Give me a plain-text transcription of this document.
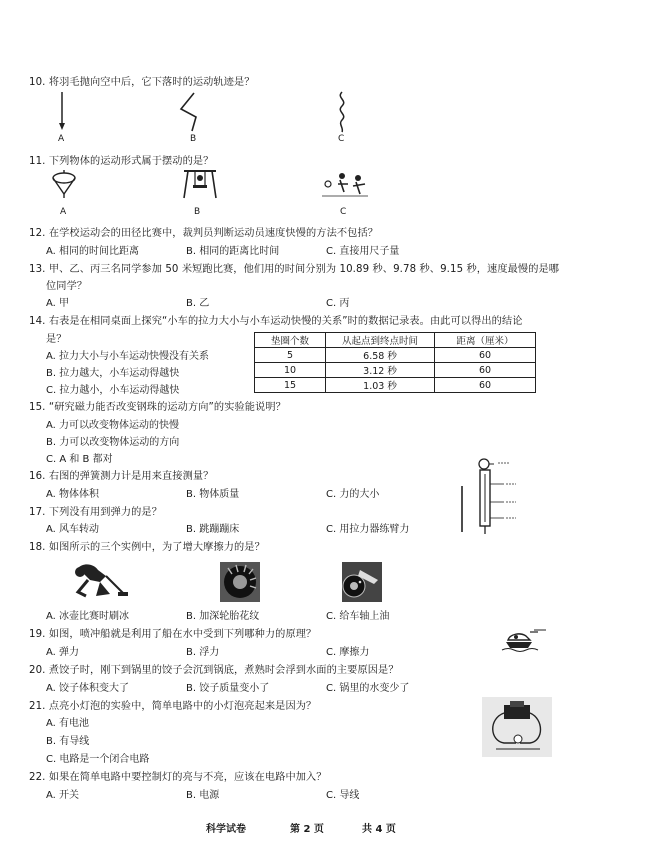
10. 将羽毛抛向空中后，它下落时的运动轨迹是？
A	B	C
11. 下列物体的运动形式属于摆动的是？
A	B	C
12. 在学校运动会的田径比赛中，裁判员判断运动员速度快慢的方法不包括？
A. 相同的时间比距离	B. 相同的距离比时间	C. 直接用尺子量
13. 甲、乙、丙三名同学参加 50 米短跑比赛，他们用的时间分别为 10.89 秒、9.78 秒、9.15 秒，速度最慢的是哪
位同学？
A. 甲	B. 乙	C. 丙
14. 右表是在相同桌面上探究“小车的拉力大小与小车运动快慢的关系”时的数据记录表。由此可以得出的结论
是？
A. 拉力大小与小车运动快慢没有关系
B. 拉力越大，小车运动得越快
C. 拉力越小，小车运动得越快
垫圈个数	从起点到终点时间	距离（厘米）
5	6.58 秒	60
10	3.12 秒	60
15	1.03 秒	60
15. “研究磁力能否改变钢珠的运动方向”的实验能说明？
A. 力可以改变物体运动的快慢
B. 力可以改变物体运动的方向
C. A 和 B 都对
16. 右图的弹簧测力计是用来直接测量？
A. 物体体积	B. 物体质量	C. 力的大小
17. 下列没有用到弹力的是？
A. 风车转动	B. 跳蹦蹦床	C. 用拉力器练臂力
18. 如图所示的三个实例中，为了增大摩擦力的是？
A. 冰壶比赛时刷冰	B. 加深轮胎花纹	C. 给车轴上油
19. 如图，喷冲船就是利用了船在水中受到下列哪种力的原理？
A. 弹力	B. 浮力	C. 摩擦力
20. 煮饺子时，刚下到锅里的饺子会沉到锅底，煮熟时会浮到水面的主要原因是？
A. 饺子体积变大了	B. 饺子质量变小了	C. 锅里的水变少了
21. 点亮小灯泡的实验中，简单电路中的小灯泡亮起来是因为？
A. 有电池
B. 有导线
C. 电路是一个闭合电路
22. 如果在简单电路中要控制灯的亮与不亮，应该在电路中加入？
A. 开关	B. 电源	C. 导线
科学试卷	第 2 页	共 4 页
